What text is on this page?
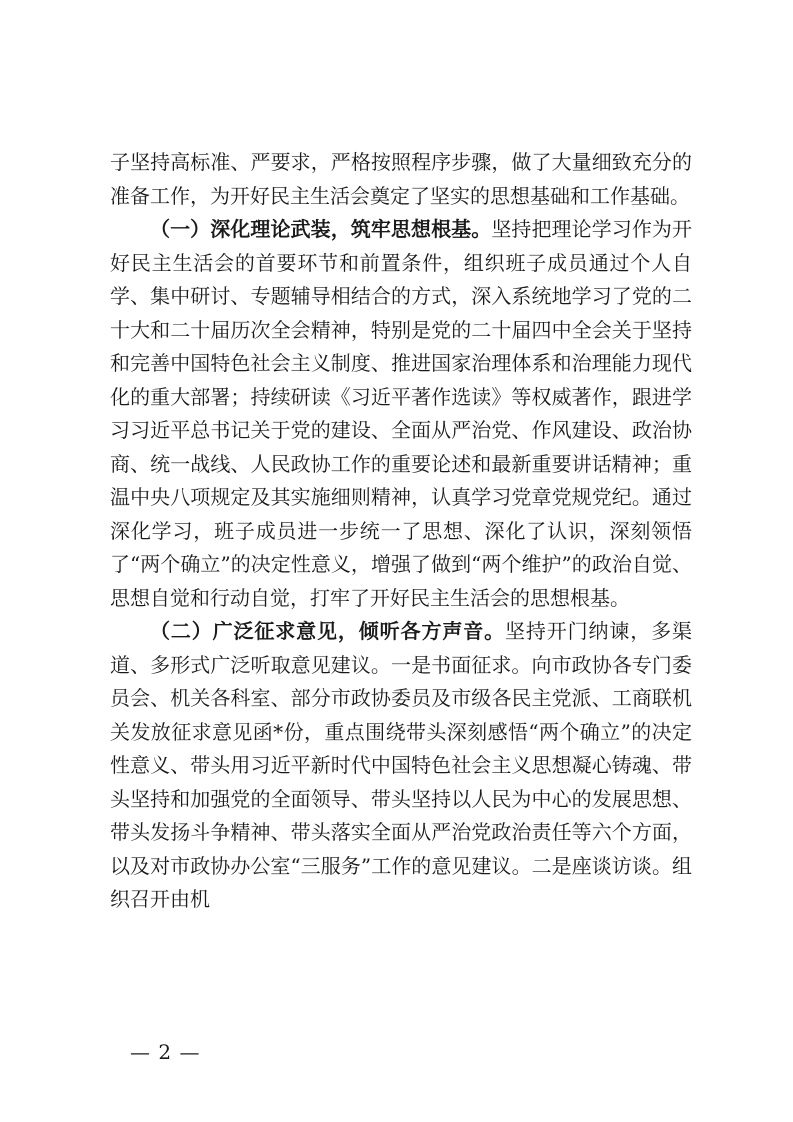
子坚持高标准、严要求，严格按照程序步骤，做了大量细致充分的准备工作，为开好民主生活会奠定了坚实的思想基础和工作基础。

（一）深化理论武装，筑牢思想根基。坚持把理论学习作为开好民主生活会的首要环节和前置条件，组织班子成员通过个人自学、集中研讨、专题辅导相结合的方式，深入系统地学习了党的二十大和二十届历次全会精神，特别是党的二十届四中全会关于坚持和完善中国特色社会主义制度、推进国家治理体系和治理能力现代化的重大部署；持续研读《习近平著作选读》等权威著作，跟进学习习近平总书记关于党的建设、全面从严治党、作风建设、政治协商、统一战线、人民政协工作的重要论述和最新重要讲话精神；重温中央八项规定及其实施细则精神，认真学习党章党规党纪。通过深化学习，班子成员进一步统一了思想、深化了认识，深刻领悟了“两个确立”的决定性意义，增强了做到“两个维护”的政治自觉、思想自觉和行动自觉，打牢了开好民主生活会的思想根基。

（二）广泛征求意见，倾听各方声音。坚持开门纳谏，多渠道、多形式广泛听取意见建议。一是书面征求。向市政协各专门委员会、机关各科室、部分市政协委员及市级各民主党派、工商联机关发放征求意见函*份，重点围绕带头深刻感悟“两个确立”的决定性意义、带头用习近平新时代中国特色社会主义思想凝心铸魂、带头坚持和加强党的全面领导、带头坚持以人民为中心的发展思想、带头发扬斗争精神、带头落实全面从严治党政治责任等六个方面，以及对市政协办公室“三服务”工作的意见建议。二是座谈访谈。组织召开由机

— 2 —
